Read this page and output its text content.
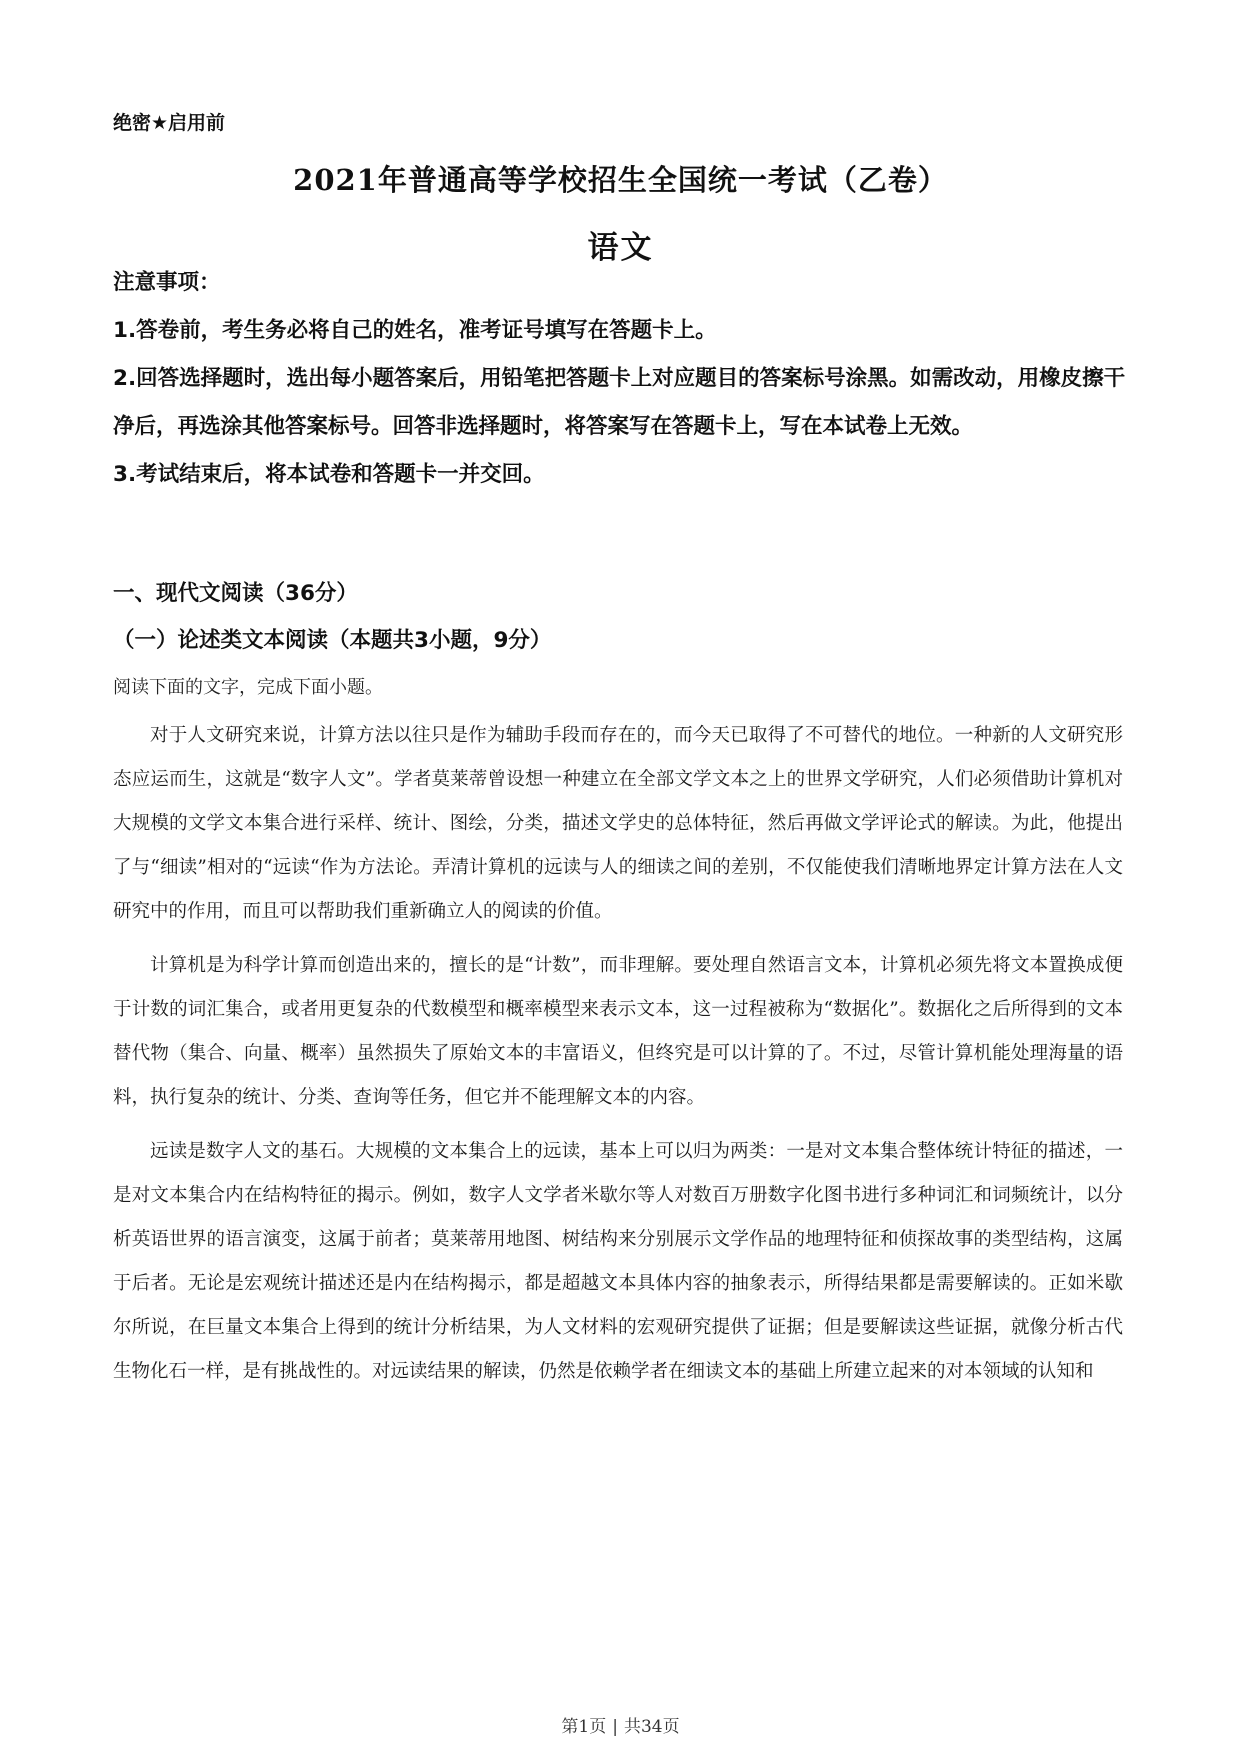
绝密★启用前
2021年普通高等学校招生全国统一考试（乙卷）
语文
注意事项：
1.答卷前，考生务必将自己的姓名，准考证号填写在答题卡上。
2.回答选择题时，选出每小题答案后，用铅笔把答题卡上对应题目的答案标号涂黑。如需改动，用橡皮擦干净后，再选涂其他答案标号。回答非选择题时，将答案写在答题卡上，写在本试卷上无效。
3.考试结束后，将本试卷和答题卡一并交回。
一、现代文阅读（36分）
（一）论述类文本阅读（本题共3小题，9分）
阅读下面的文字，完成下面小题。

对于人文研究来说，计算方法以往只是作为辅助手段而存在的，而今天已取得了不可替代的地位。一种新的人文研究形态应运而生，这就是“数字人文”。学者莫莱蒂曾设想一种建立在全部文学文本之上的世界文学研究，人们必须借助计算机对大规模的文学文本集合进行采样、统计、图绘，分类，描述文学史的总体特征，然后再做文学评论式的解读。为此，他提出了与“细读”相对的“远读“作为方法论。弄清计算机的远读与人的细读之间的差别，不仅能使我们清晰地界定计算方法在人文研究中的作用，而且可以帮助我们重新确立人的阅读的价值。

计算机是为科学计算而创造出来的，擅长的是“计数”，而非理解。要处理自然语言文本，计算机必须先将文本置换成便于计数的词汇集合，或者用更复杂的代数模型和概率模型来表示文本，这一过程被称为“数据化”。数据化之后所得到的文本替代物（集合、向量、概率）虽然损失了原始文本的丰富语义，但终究是可以计算的了。不过，尽管计算机能处理海量的语料，执行复杂的统计、分类、查询等任务，但它并不能理解文本的内容。

远读是数字人文的基石。大规模的文本集合上的远读，基本上可以归为两类：一是对文本集合整体统计特征的描述，一是对文本集合内在结构特征的揭示。例如，数字人文学者米歇尔等人对数百万册数字化图书进行多种词汇和词频统计，以分析英语世界的语言演变，这属于前者；莫莱蒂用地图、树结构来分别展示文学作品的地理特征和侦探故事的类型结构，这属于后者。无论是宏观统计描述还是内在结构揭示，都是超越文本具体内容的抽象表示，所得结果都是需要解读的。正如米歇尔所说，在巨量文本集合上得到的统计分析结果，为人文材料的宏观研究提供了证据；但是要解读这些证据，就像分析古代生物化石一样，是有挑战性的。对远读结果的解读，仍然是依赖学者在细读文本的基础上所建立起来的对本领域的认知和

第1页 | 共34页
